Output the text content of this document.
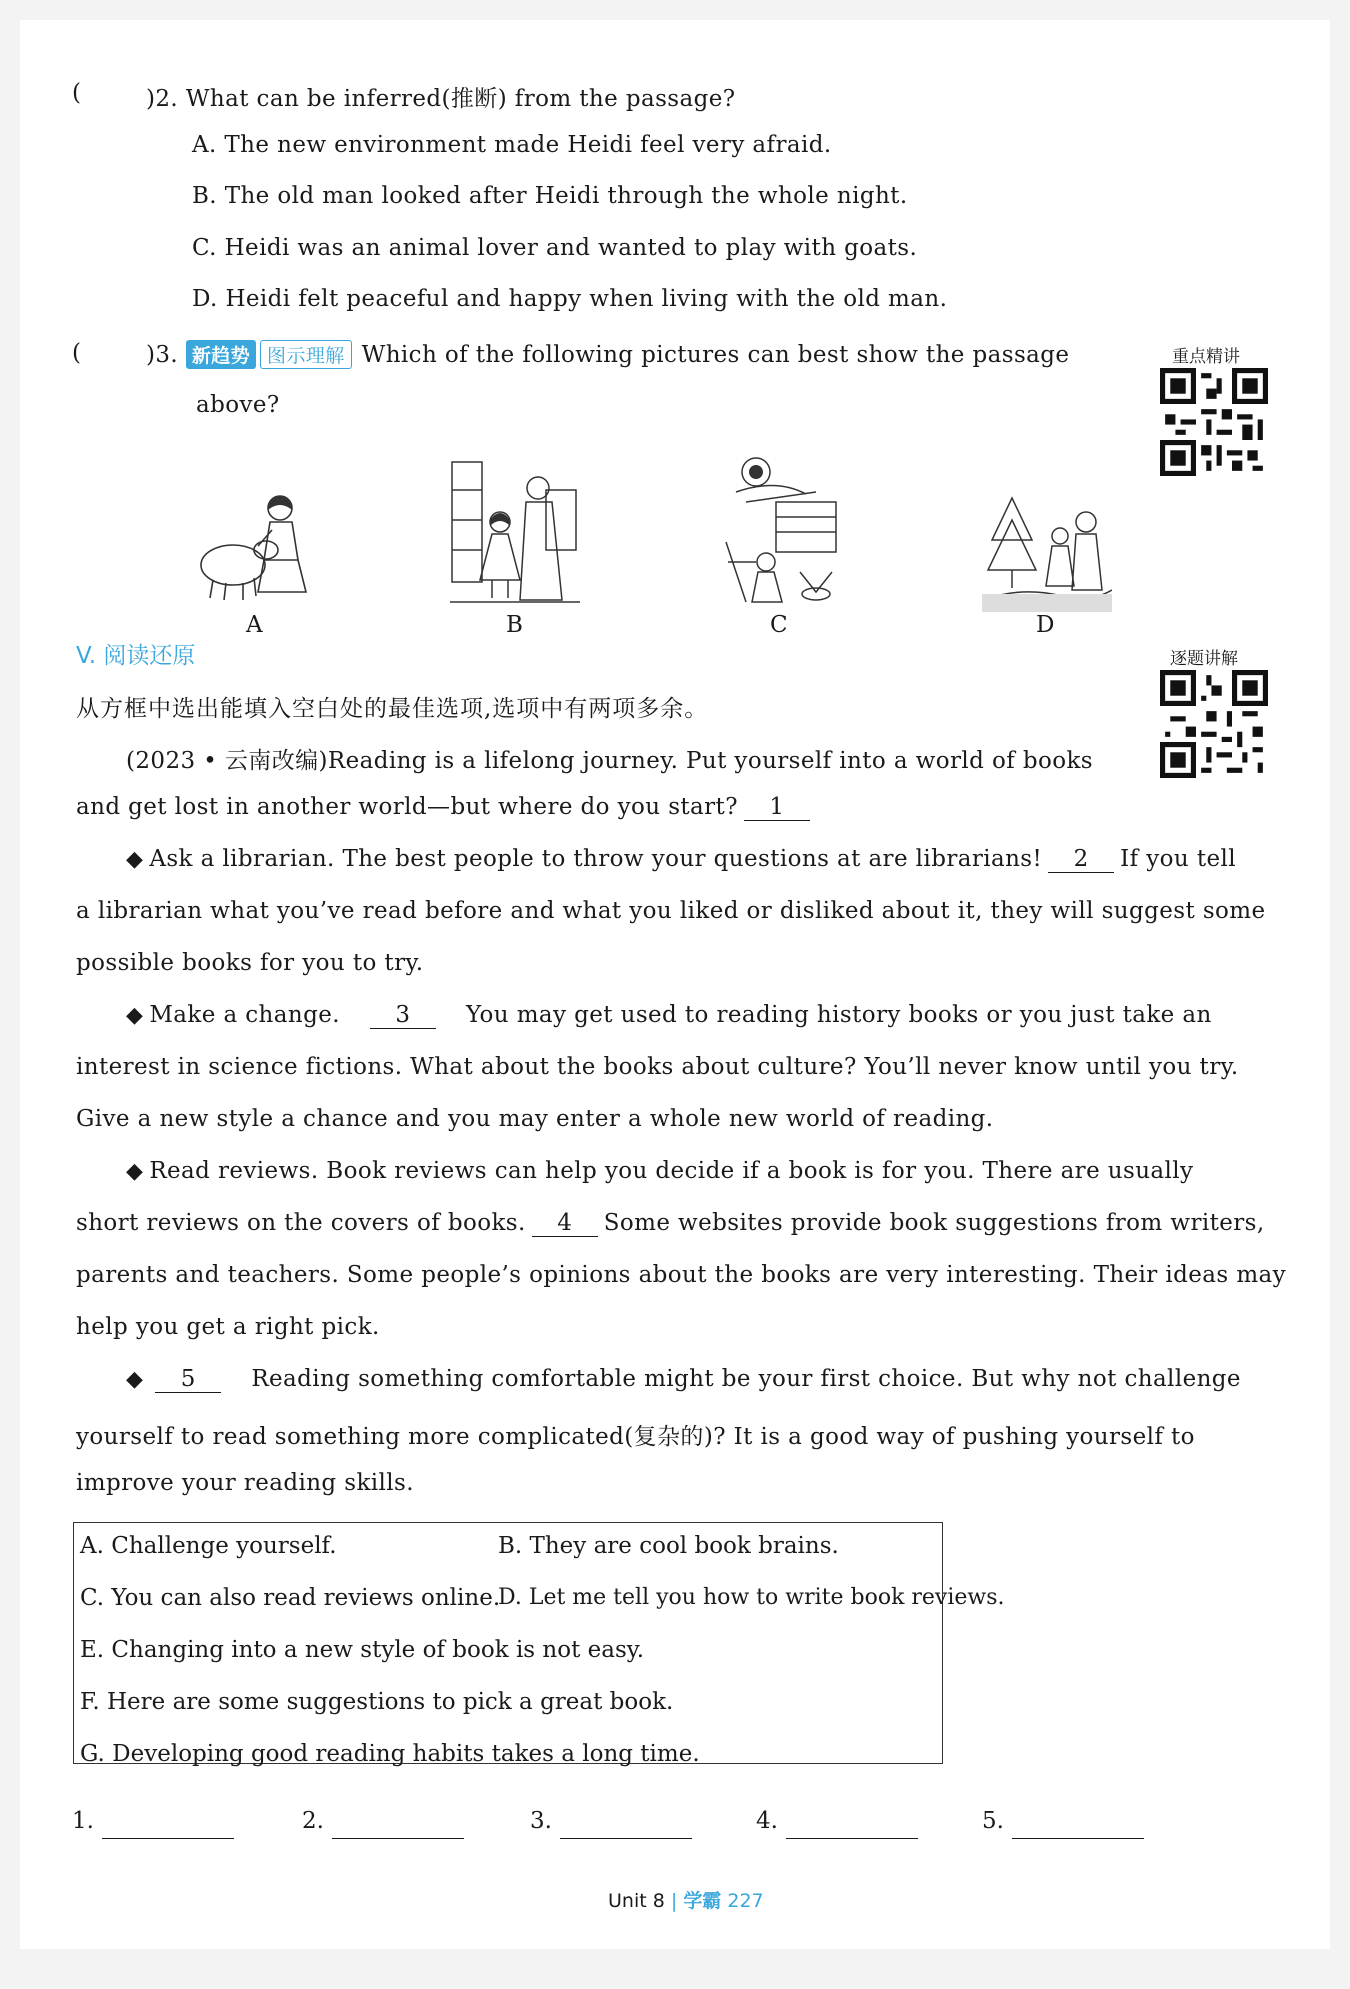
(	)2. What can be inferred(推断) from the passage?
A. The new environment made Heidi feel very afraid.
B. The old man looked after Heidi through the whole night.
C. Heidi was an animal lover and wanted to play with goats.
D. Heidi felt peaceful and happy when living with the old man.
(	)3. 新趋势 图示理解 Which of the following pictures can best show the passage
above?
重点精讲
A	B	C	D
V. 阅读还原	逐题讲解
从方框中选出能填入空白处的最佳选项,选项中有两项多余。
(2023 • 云南改编)Reading is a lifelong journey. Put yourself into a world of books
and get lost in another world—but where do you start? 1
◆ Ask a librarian. The best people to throw your questions at are librarians! 2 If you tell
a librarian what you’ve read before and what you liked or disliked about it, they will suggest some
possible books for you to try.
◆ Make a change. 3 You may get used to reading history books or you just take an
interest in science fictions. What about the books about culture? You’ll never know until you try.
Give a new style a chance and you may enter a whole new world of reading.
◆ Read reviews. Book reviews can help you decide if a book is for you. There are usually
short reviews on the covers of books. 4 Some websites provide book suggestions from writers,
parents and teachers. Some people’s opinions about the books are very interesting. Their ideas may
help you get a right pick.
◆ 5 Reading something comfortable might be your first choice. But why not challenge
yourself to read something more complicated(复杂的)? It is a good way of pushing yourself to
improve your reading skills.
A. Challenge yourself.	B. They are cool book brains.
C. You can also read reviews online.
D. Let me tell you how to write book reviews.
E. Changing into a new style of book is not easy.
F. Here are some suggestions to pick a great book.
G. Developing good reading habits takes a long time.
1.	2.	3.	4.	5.
Unit 8 | 学霸 227
